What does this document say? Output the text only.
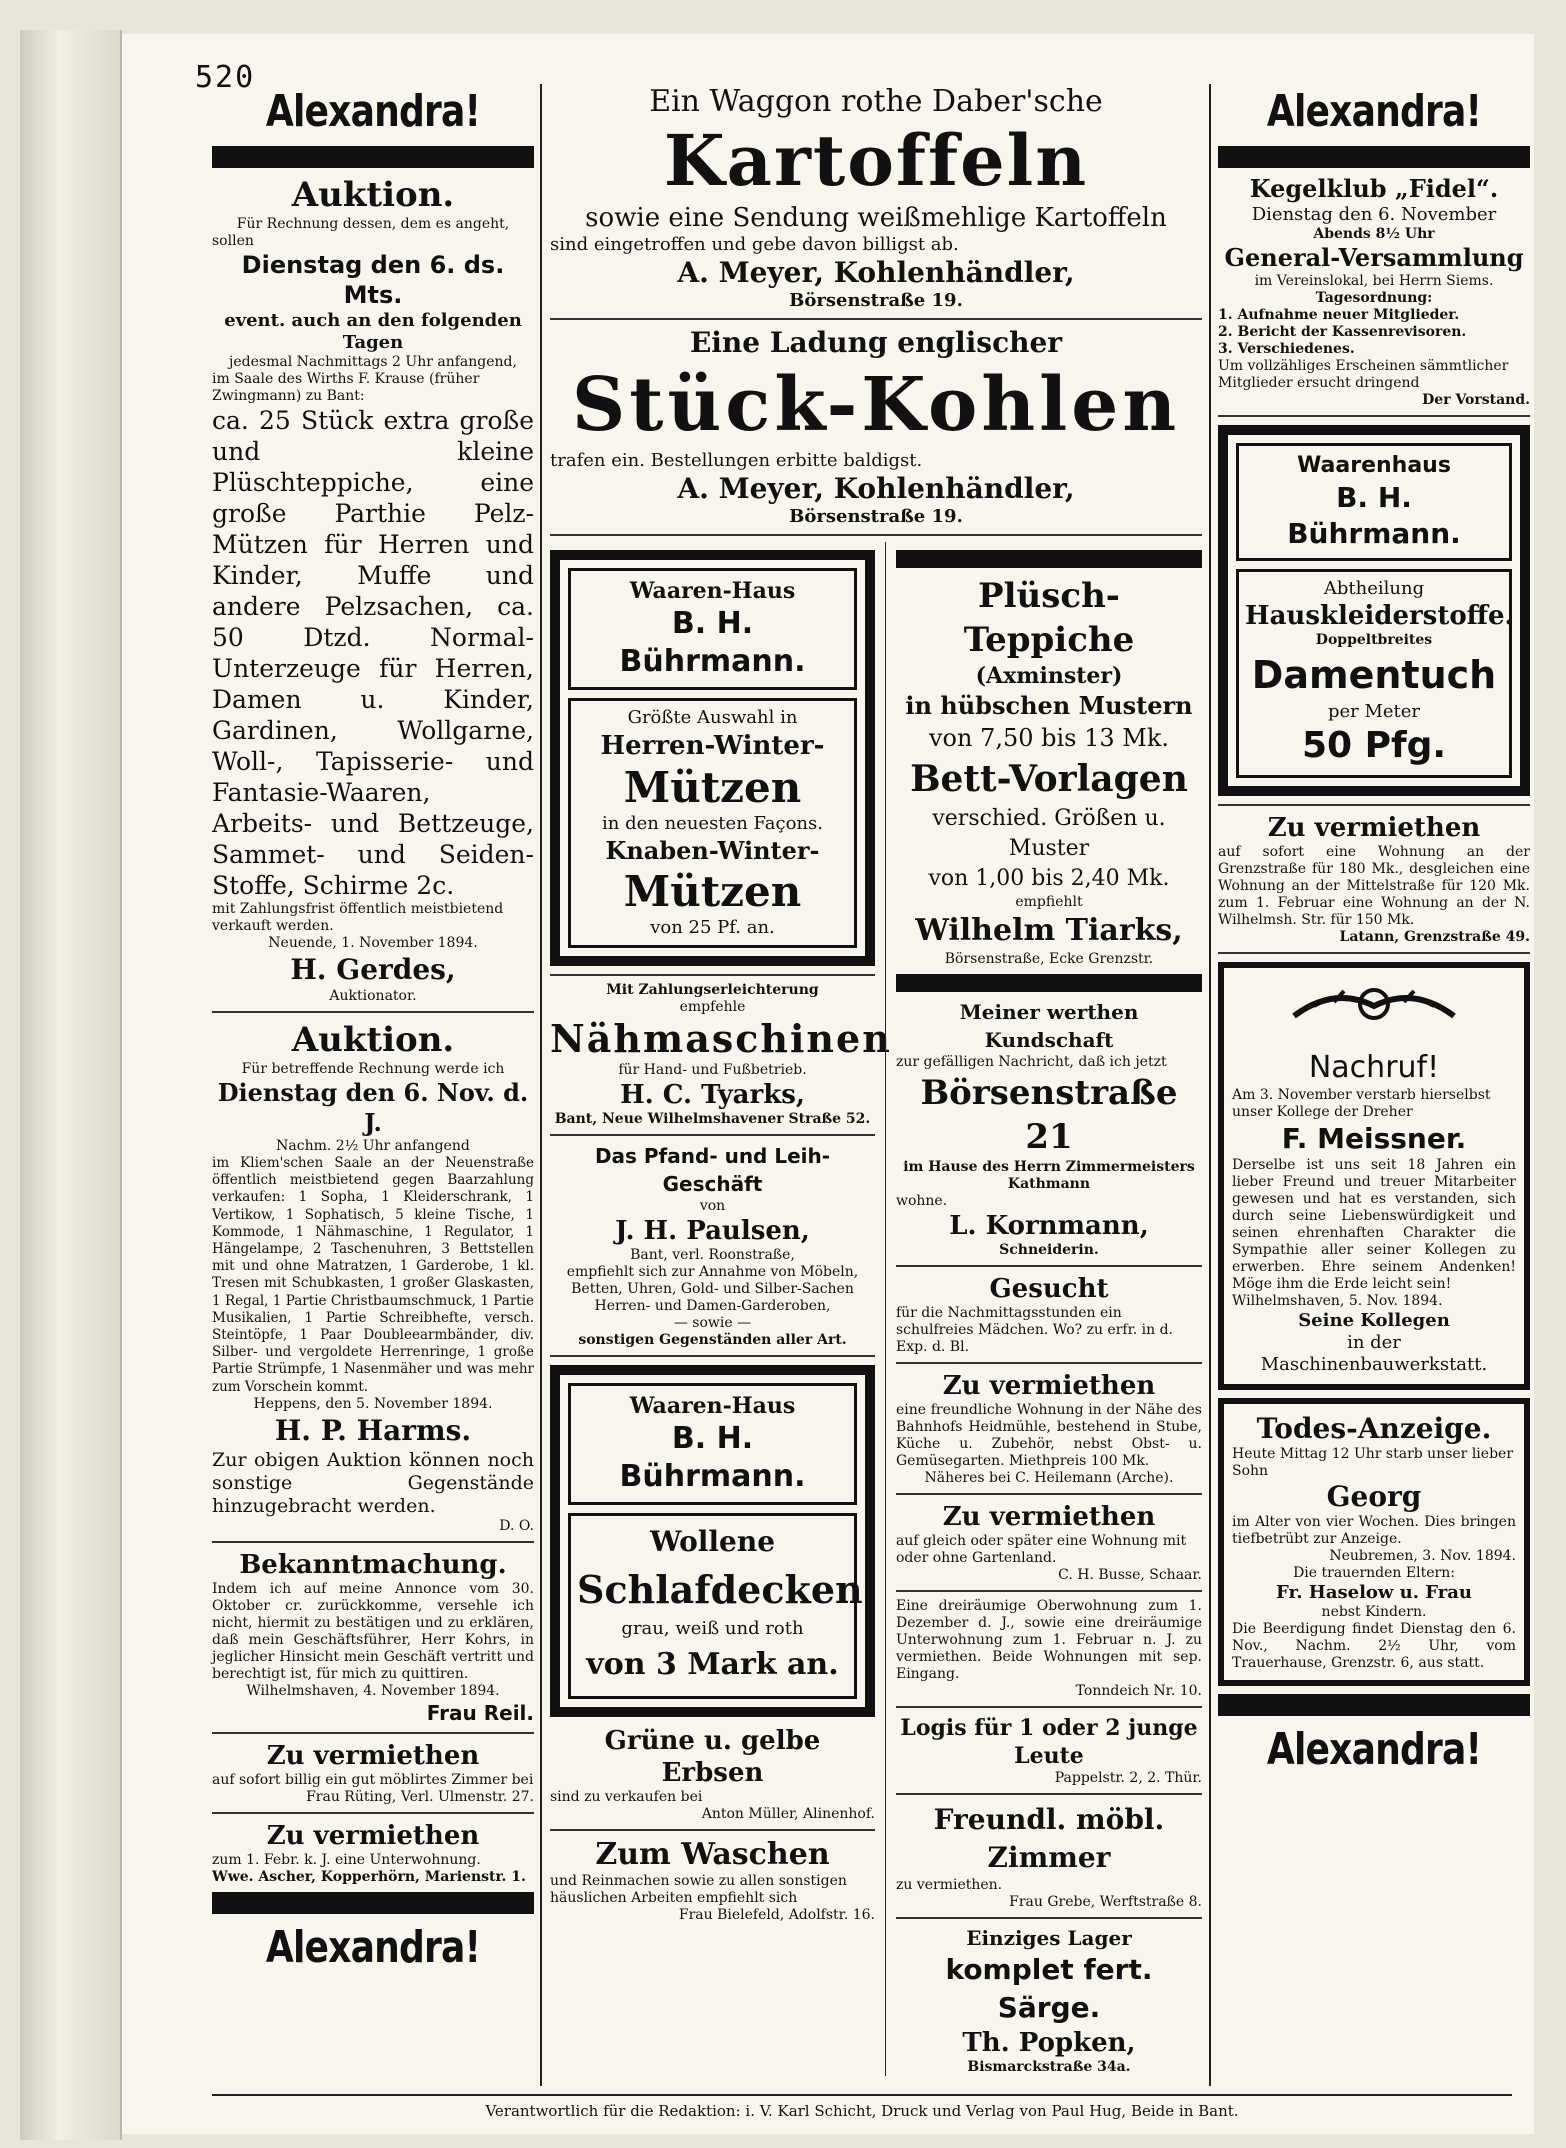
520
Alexandra!
Auktion.
Für Rechnung dessen, dem es angeht,
sollen
Dienstag den 6. ds. Mts.
event. auch an den folgenden
Tagen
jedesmal Nachmittags 2 Uhr anfangend,
im Saale des Wirths F. Krause (früher
Zwingmann) zu Bant:
ca. 25 Stück extra große und kleine Plüschteppiche, eine große Parthie Pelz-Mützen für Herren und Kinder, Muffe und andere Pelzsachen, ca. 50 Dtzd. Normal-Unterzeuge für Herren, Damen u. Kinder, Gardinen, Wollgarne, Woll-, Tapisserie- und Fantasie-Waaren, Arbeits- und Bettzeuge, Sammet- und Seiden-Stoffe, Schirme 2c.
mit Zahlungsfrist öffentlich meistbietend verkauft werden.
Neuende, 1. November 1894.
H. Gerdes,
Auktionator.
Auktion.
Für betreffende Rechnung werde ich
Dienstag den 6. Nov. d. J.
Nachm. 2½ Uhr anfangend
im Kliem'schen Saale an der Neuenstraße öffentlich meistbietend gegen Baarzahlung verkaufen: 1 Sopha, 1 Kleiderschrank, 1 Vertikow, 1 Sophatisch, 5 kleine Tische, 1 Kommode, 1 Nähmaschine, 1 Regulator, 1 Hängelampe, 2 Taschenuhren, 3 Bettstellen mit und ohne Matratzen, 1 Garderobe, 1 kl. Tresen mit Schubkasten, 1 großer Glaskasten, 1 Regal, 1 Partie Christbaumschmuck, 1 Partie Musikalien, 1 Partie Schreibhefte, versch. Steintöpfe, 1 Paar Doubleearmbänder, div. Silber- und vergoldete Herrenringe, 1 große Partie Strümpfe, 1 Nasenmäher und was mehr zum Vorschein kommt.
Heppens, den 5. November 1894.
H. P. Harms.
Zur obigen Auktion können noch sonstige Gegenstände hinzugebracht werden.
D. O.
Bekanntmachung.
Indem ich auf meine Annonce vom 30. Oktober cr. zurückkomme, versehle ich nicht, hiermit zu bestätigen und zu erklären, daß mein Geschäftsführer, Herr Kohrs, in jeglicher Hinsicht mein Geschäft vertritt und berechtigt ist, für mich zu quittiren.
Wilhelmshaven, 4. November 1894.
Frau Reil.
Zu vermiethen
auf sofort billig ein gut möblirtes Zimmer bei
Frau Rüting, Verl. Ulmenstr. 27.
Zu vermiethen
zum 1. Febr. k. J. eine Unterwohnung.
Wwe. Ascher, Kopperhörn, Marienstr. 1.
Alexandra!
Ein Waggon rothe Daber'sche
Kartoffeln
sowie eine Sendung weißmehlige Kartoffeln
sind eingetroffen und gebe davon billigst ab.
A. Meyer, Kohlenhändler,
Börsenstraße 19.
Eine Ladung englischer
Stück-Kohlen
trafen ein. Bestellungen erbitte baldigst.
A. Meyer, Kohlenhändler,
Börsenstraße 19.
Waaren-Haus
B. H. Bührmann.
Größte Auswahl in
Herren-Winter-
Mützen
in den neuesten Façons.
Knaben-Winter-
Mützen
von 25 Pf. an.
Mit Zahlungserleichterung
empfehle
Nähmaschinen
für Hand- und Fußbetrieb.
H. C. Tyarks,
Bant, Neue Wilhelmshavener Straße 52.
Das Pfand- und Leih-Geschäft
von
J. H. Paulsen,
Bant, verl. Roonstraße,
empfiehlt sich zur Annahme von Möbeln, Betten, Uhren, Gold- und Silber-Sachen Herren- und Damen-Garderoben,
— sowie —
sonstigen Gegenständen aller Art.
Waaren-Haus
B. H. Bührmann.
Wollene
Schlafdecken
grau, weiß und roth
von 3 Mark an.
Grüne u. gelbe Erbsen
sind zu verkaufen bei
Anton Müller, Alinenhof.
Zum Waschen
und Reinmachen sowie zu allen sonstigen häuslichen Arbeiten empfiehlt sich
Frau Bielefeld, Adolfstr. 16.
Plüsch-Teppiche
(Axminster)
in hübschen Mustern
von 7,50 bis 13 Mk.
Bett-Vorlagen
verschied. Größen u. Muster
von 1,00 bis 2,40 Mk.
empfiehlt
Wilhelm Tiarks,
Börsenstraße, Ecke Grenzstr.
Meiner werthen Kundschaft
zur gefälligen Nachricht, daß ich jetzt
Börsenstraße 21
im Hause des Herrn Zimmermeisters Kathmann
wohne.
L. Kornmann,
Schneiderin.
Gesucht
für die Nachmittagsstunden ein schulfreies Mädchen. Wo? zu erfr. in d. Exp. d. Bl.
Zu vermiethen
eine freundliche Wohnung in der Nähe des Bahnhofs Heidmühle, bestehend in Stube, Küche u. Zubehör, nebst Obst- u. Gemüsegarten. Miethpreis 100 Mk.
Näheres bei C. Heilemann (Arche).
Zu vermiethen
auf gleich oder später eine Wohnung mit oder ohne Gartenland.
C. H. Busse, Schaar.
Eine dreiräumige Oberwohnung zum 1. Dezember d. J., sowie eine dreiräumige Unterwohnung zum 1. Februar n. J. zu vermiethen. Beide Wohnungen mit sep. Eingang.
Tonndeich Nr. 10.
Logis für 1 oder 2 junge Leute
Pappelstr. 2, 2. Thür.
Freundl. möbl. Zimmer
zu vermiethen.
Frau Grebe, Werftstraße 8.
Einziges Lager
komplet fert. Särge.
Th. Popken,
Bismarckstraße 34a.
Alexandra!
Kegelklub „Fidel“.
Dienstag den 6. November
Abends 8½ Uhr
General-Versammlung
im Vereinslokal, bei Herrn Siems.
Tagesordnung:
1. Aufnahme neuer Mitglieder.
2. Bericht der Kassenrevisoren.
3. Verschiedenes.
Um vollzähliges Erscheinen sämmtlicher Mitglieder ersucht dringend
Der Vorstand.
Waarenhaus
B. H. Bührmann.
Abtheilung
Hauskleiderstoffe.
Doppeltbreites
Damentuch
per Meter
50 Pfg.
Zu vermiethen
auf sofort eine Wohnung an der Grenzstraße für 180 Mk., desgleichen eine Wohnung an der Mittelstraße für 120 Mk. zum 1. Februar eine Wohnung an der N. Wilhelmsh. Str. für 150 Mk.
Latann, Grenzstraße 49.
Nachruf!
Am 3. November verstarb hierselbst unser Kollege der Dreher
F. Meissner.
Derselbe ist uns seit 18 Jahren ein lieber Freund und treuer Mitarbeiter gewesen und hat es verstanden, sich durch seine Liebenswürdigkeit und seinen ehrenhaften Charakter die Sympathie aller seiner Kollegen zu erwerben. Ehre seinem Andenken! Möge ihm die Erde leicht sein!
Wilhelmshaven, 5. Nov. 1894.
Seine Kollegen
in der Maschinenbauwerkstatt.
Todes-Anzeige.
Heute Mittag 12 Uhr starb unser lieber Sohn
Georg
im Alter von vier Wochen. Dies bringen tiefbetrübt zur Anzeige.
Neubremen, 3. Nov. 1894.
Die trauernden Eltern:
Fr. Haselow u. Frau
nebst Kindern.
Die Beerdigung findet Dienstag den 6. Nov., Nachm. 2½ Uhr, vom Trauerhause, Grenzstr. 6, aus statt.
Alexandra!
Verantwortlich für die Redaktion: i. V. Karl Schicht, Druck und Verlag von Paul Hug, Beide in Bant.
